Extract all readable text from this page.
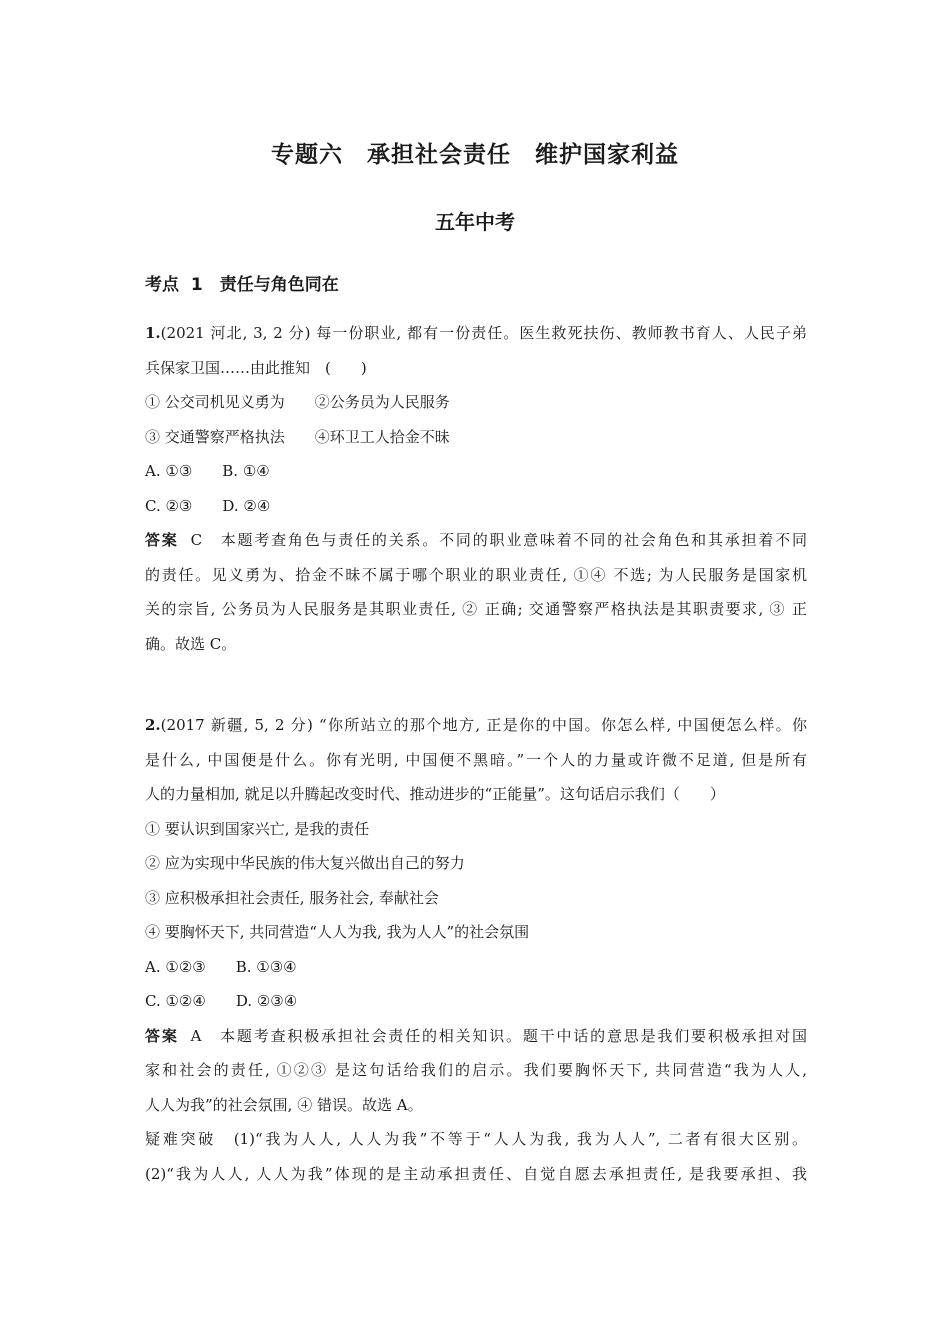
专题六　承担社会责任　维护国家利益
五年中考
考点 1　责任与角色同在
1.(2021 河北, 3, 2 分) 每一份职业, 都有一份责任。医生救死扶伤、教师教书育人、人民子弟
兵保家卫国……由此推知　(　　)
① 公交司机见义勇为　　②公务员为人民服务
③ 交通警察严格执法　　④环卫工人拾金不昧
A. ①③　　B. ①④
C. ②③　　D. ②④
答案 C　本题考查角色与责任的关系。不同的职业意味着不同的社会角色和其承担着不同
的责任。见义勇为、拾金不昧不属于哪个职业的职业责任, ①④ 不选; 为人民服务是国家机
关的宗旨, 公务员为人民服务是其职业责任, ② 正确; 交通警察严格执法是其职责要求, ③ 正
确。故选 C。
2.(2017 新疆, 5, 2 分) “你所站立的那个地方, 正是你的中国。你怎么样, 中国便怎么样。你
是什么, 中国便是什么。你有光明, 中国便不黑暗。”一个人的力量或许微不足道, 但是所有
人的力量相加, 就足以升腾起改变时代、推动进步的“正能量”。这句话启示我们（　　）
① 要认识到国家兴亡, 是我的责任
② 应为实现中华民族的伟大复兴做出自己的努力
③ 应积极承担社会责任, 服务社会, 奉献社会
④ 要胸怀天下, 共同营造“人人为我, 我为人人”的社会氛围
A. ①②③　　B. ①③④
C. ①②④　　D. ②③④
答案 A　本题考查积极承担社会责任的相关知识。题干中话的意思是我们要积极承担对国
家和社会的责任, ①②③ 是这句话给我们的启示。我们要胸怀天下, 共同营造“我为人人,
人人为我”的社会氛围, ④ 错误。故选 A。
疑难突破　(1)“我为人人, 人人为我”不等于“人人为我, 我为人人”, 二者有很大区别。
(2)“我为人人, 人人为我”体现的是主动承担责任、自觉自愿去承担责任, 是我要承担、我
